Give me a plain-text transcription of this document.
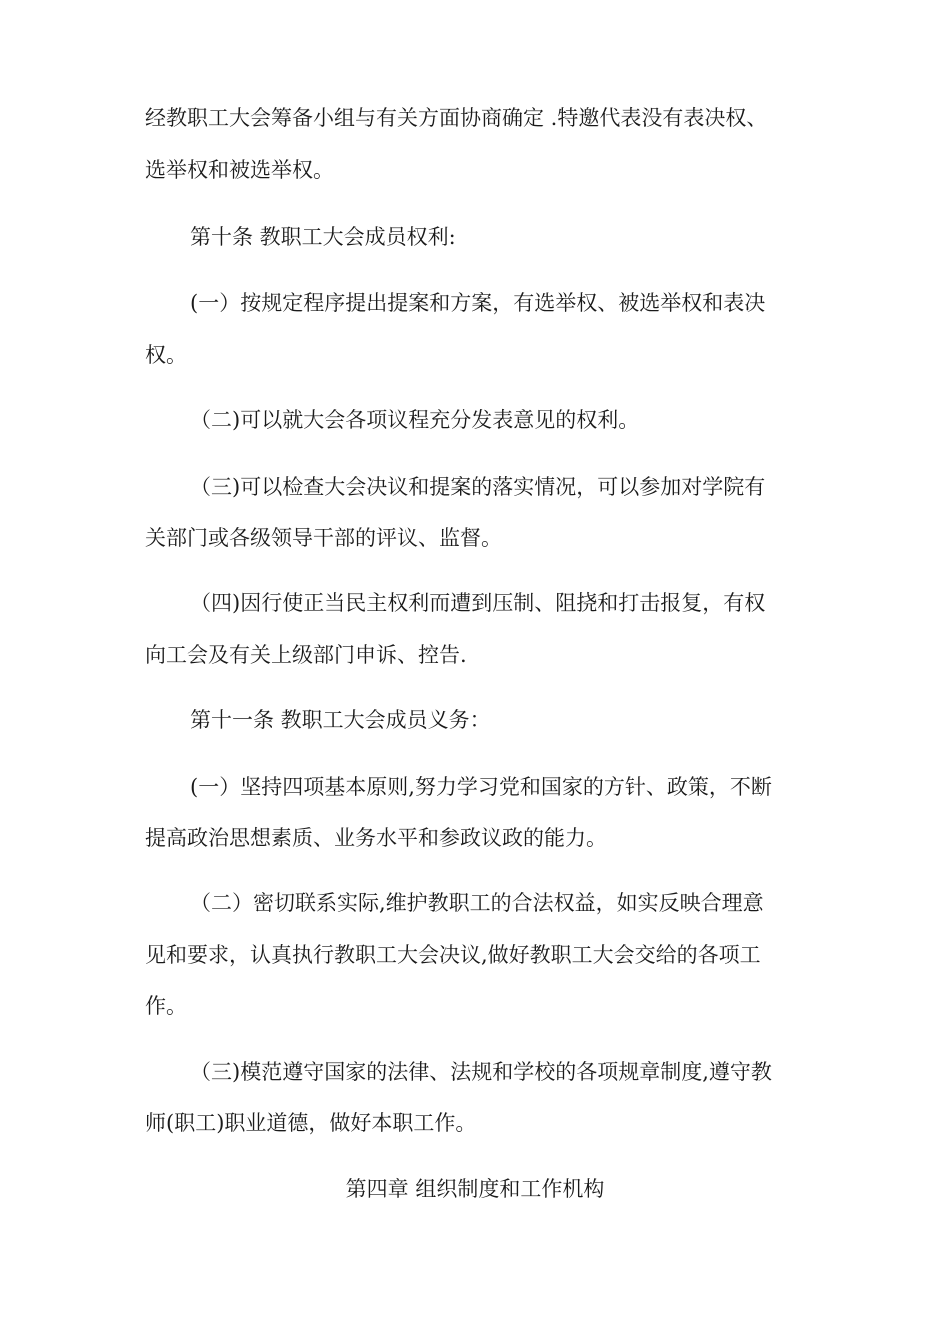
经教职工大会筹备小组与有关方面协商确定 .特邀代表没有表决权、
选举权和被选举权。
第十条 教职工大会成员权利:
(一）按规定程序提出提案和方案，有选举权、被选举权和表决
权。
（二)可以就大会各项议程充分发表意见的权利。
（三)可以检查大会决议和提案的落实情况，可以参加对学院有
关部门或各级领导干部的评议、监督。
（四)因行使正当民主权利而遭到压制、阻挠和打击报复，有权
向工会及有关上级部门申诉、控告.
第十一条 教职工大会成员义务：
(一）坚持四项基本原则,努力学习党和国家的方针、政策，不断
提高政治思想素质、业务水平和参政议政的能力。
（二）密切联系实际,维护教职工的合法权益，如实反映合理意
见和要求，认真执行教职工大会决议,做好教职工大会交给的各项工
作。
（三)模范遵守国家的法律、法规和学校的各项规章制度,遵守教
师(职工)职业道德，做好本职工作。
第四章 组织制度和工作机构
